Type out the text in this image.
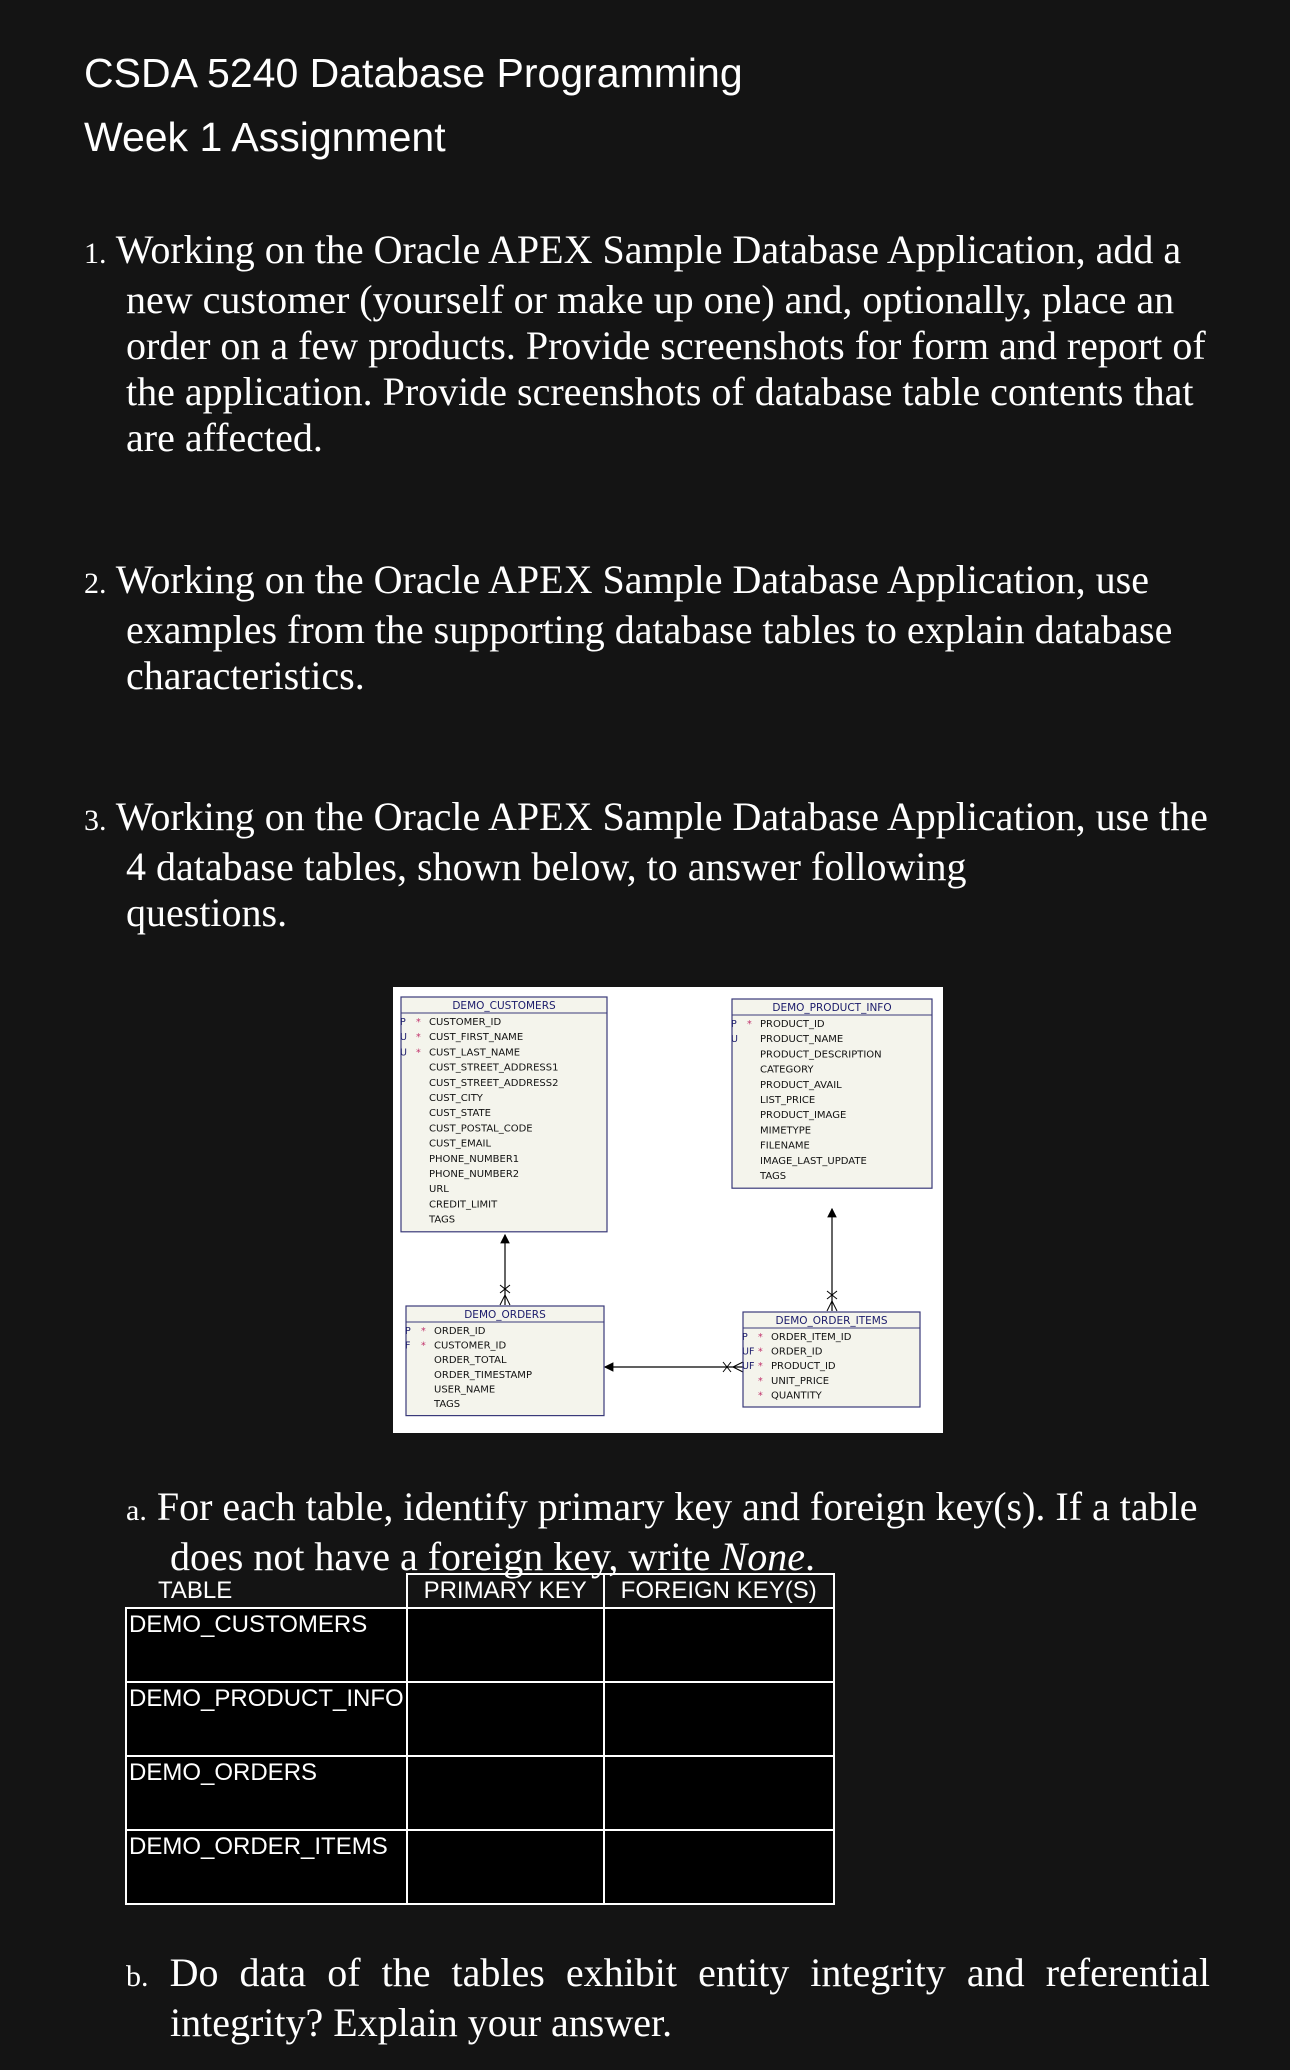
CSDA 5240 Database Programming
Week 1 Assignment
1. Working on the Oracle APEX Sample Database Application, add a
new customer (yourself or make up one) and, optionally, place an
order on a few products. Provide screenshots for form and report of
the application. Provide screenshots of database table contents that
are affected.
2. Working on the Oracle APEX Sample Database Application, use
examples from the supporting database tables to explain database
characteristics.
3. Working on the Oracle APEX Sample Database Application, use the
4 database tables, shown below, to answer following
questions.
DEMO_CUSTOMERS
P * CUSTOMER_ID
U * CUST_FIRST_NAME
U * CUST_LAST_NAME
CUST_STREET_ADDRESS1
CUST_STREET_ADDRESS2
CUST_CITY
CUST_STATE
CUST_POSTAL_CODE
CUST_EMAIL
PHONE_NUMBER1
PHONE_NUMBER2
URL
CREDIT_LIMIT
TAGS
DEMO_PRODUCT_INFO
P * PRODUCT_ID
U PRODUCT_NAME
PRODUCT_DESCRIPTION
CATEGORY
PRODUCT_AVAIL
LIST_PRICE
PRODUCT_IMAGE
MIMETYPE
FILENAME
IMAGE_LAST_UPDATE
TAGS
DEMO_ORDERS
P * ORDER_ID
F * CUSTOMER_ID
ORDER_TOTAL
ORDER_TIMESTAMP
USER_NAME
TAGS
DEMO_ORDER_ITEMS
P * ORDER_ITEM_ID
UF * ORDER_ID
UF * PRODUCT_ID
* UNIT_PRICE
* QUANTITY
a. For each table, identify primary key and foreign key(s). If a table
does not have a foreign key, write None.
TABLE	PRIMARY KEY	FOREIGN KEY(S)
DEMO_CUSTOMERS		
DEMO_PRODUCT_INFO		
DEMO_ORDERS		
DEMO_ORDER_ITEMS		
b. Do data of the tables exhibit entity integrity and referential
integrity? Explain your answer.
